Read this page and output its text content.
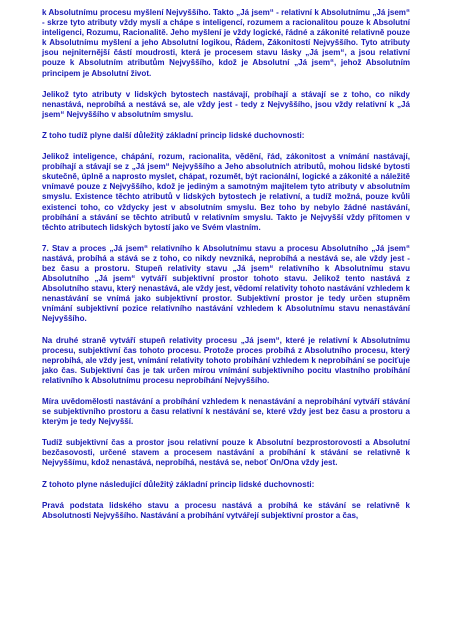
k Absolutnímu procesu myšlení Nejvyššího. Takto „Já jsem“ - relativní k Absolutnímu „Já jsem“ - skrze tyto atributy vždy myslí a chápe s inteligencí, rozumem a racionalitou pouze k Absolutní inteligenci, Rozumu, Racionalitě. Jeho myšlení je vždy logické, řádné a zákonité relativně pouze k Absolutnímu myšlení a jeho Absolutní logikou, Řádem, Zákonitostí Nejvyššího. Tyto atributy jsou nejniternější částí moudrosti, která je procesem stavu lásky „Já jsem“, a jsou relativní pouze k Absolutním atributům Nejvyššího, kdož je Absolutní „Já jsem“, jehož Absolutním principem je Absolutní život.

Jelikož tyto atributy v lidských bytostech nastávají, probíhají a stávají se z toho, co nikdy nenastává, neprobíhá a nestává se, ale vždy jest - tedy z Nejvyššího, jsou vždy relativní k „Já jsem“ Nejvyššího v absolutním smyslu.

Z toho tudíž plyne další důležitý základní princip lidské duchovnosti:

Jelikož inteligence, chápání, rozum, racionalita, vědění, řád, zákonitost a vnímání nastávají, probíhají a stávají se z „Já jsem“ Nejvyššího a Jeho absolutních atributů, mohou lidské bytosti skutečně, úplně a naprosto myslet, chápat, rozumět, být racionální, logické a zákonité a náležitě vnímavé pouze z Nejvyššího, kdož je jediným a samotným majitelem tyto atributy v absolutním smyslu. Existence těchto atributů v lidských bytostech je relativní, a tudíž možná, pouze kvůli existenci toho, co vždycky jest v absolutním smyslu. Bez toho by nebylo žádné nastávání, probíhání a stávání se těchto atributů v relativním smyslu. Takto je Nejvyšší vždy přítomen v těchto atributech lidských bytostí jako ve Svém vlastním.

7. Stav a proces „Já jsem“ relativního k Absolutnímu stavu a procesu Absolutního „Já jsem“ nastává, probíhá a stává se z toho, co nikdy nevzniká, neprobíhá a nestává se, ale vždy jest - bez času a prostoru. Stupeň relativity stavu „Já jsem“ relativního k Absolutnímu stavu Absolutního „Já jsem“ vytváří subjektivní prostor tohoto stavu. Jelikož tento nastává z Absolutního stavu, který nenastává, ale vždy jest, vědomí relativity tohoto nastávání vzhledem k nenastávání se vnímá jako subjektivní prostor. Subjektivní prostor je tedy určen stupněm vnímání subjektivní pozice relativního nastávání vzhledem k Absolutnímu stavu nenastávání Nejvyššího.

Na druhé straně vytváří stupeň relativity procesu „Já jsem“, které je relativní k Absolutnímu procesu, subjektivní čas tohoto procesu. Protože proces probíhá z Absolutního procesu, který neprobíhá, ale vždy jest, vnímání relativity tohoto probíhání vzhledem k neprobíhání se pociťuje jako čas. Subjektivní čas je tak určen mírou vnímání subjektivního pocitu vlastního probíhání relativního k Absolutnímu procesu neprobíhání Nejvyššího.

Míra uvědomělosti nastávání a probíhání vzhledem k nenastávání a neprobíhání vytváří stávání se subjektivního prostoru a času relativní k nestávání se, které vždy jest bez času a prostoru a kterým je tedy Nejvyšší.

Tudíž subjektivní čas a prostor jsou relativní pouze k Absolutní bezprostorovosti a Absolutní bezčasovosti, určené stavem a procesem nastávání a probíhání k stávání se relativně k Nejvyššímu, kdož nenastává, neprobíhá, nestává se, neboť On/Ona vždy jest.

Z tohoto plyne následující důležitý základní princip lidské duchovnosti:

Pravá podstata lidského stavu a procesu nastává a probíhá ke stávání se relativně k Absolutnosti Nejvyššího. Nastávání a probíhání vytvářejí subjektivní prostor a čas,
